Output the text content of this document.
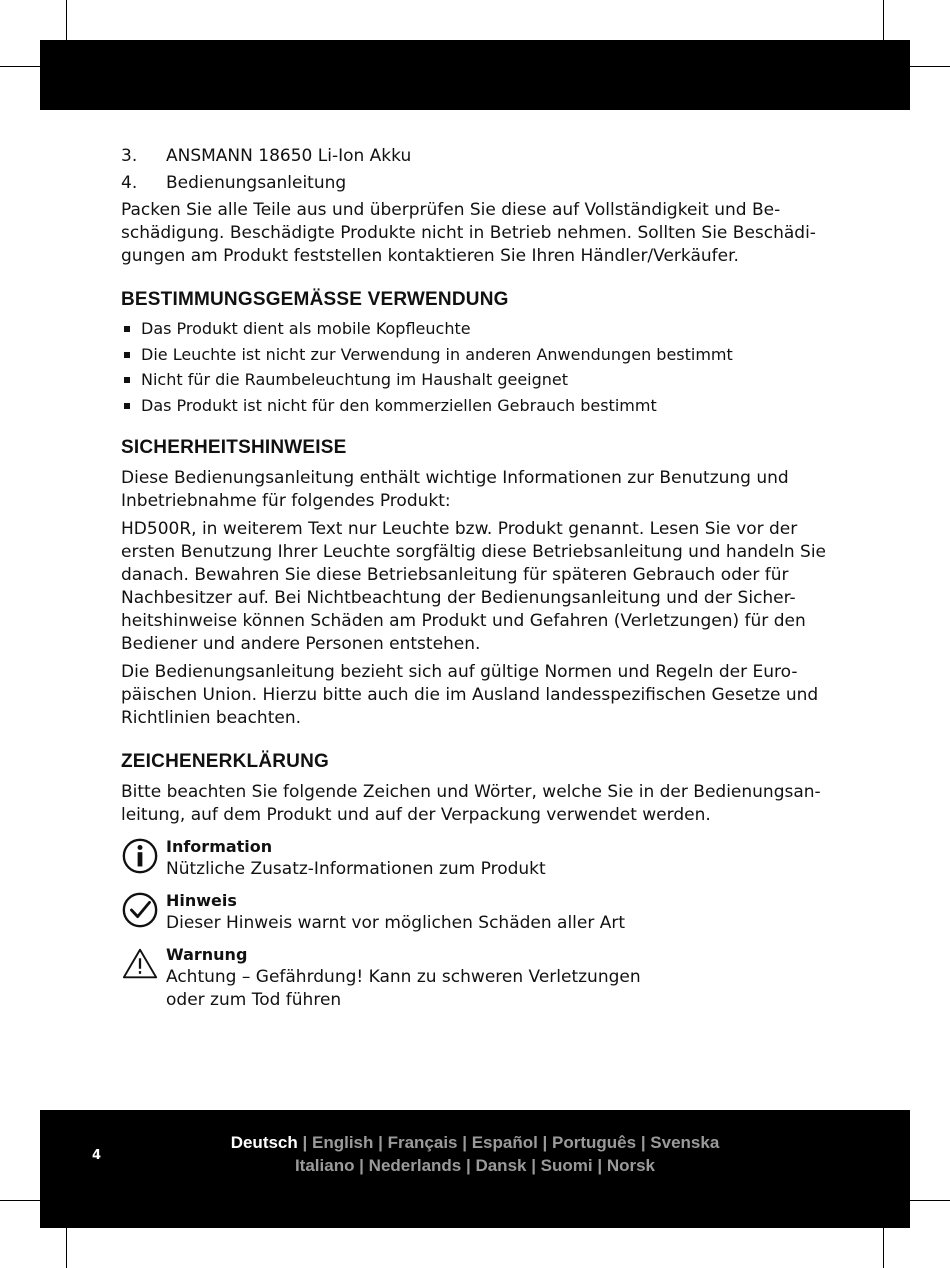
3.	ANSMANN 18650 Li-Ion Akku
4.	Bedienungsanleitung

Packen Sie alle Teile aus und überprüfen Sie diese auf Vollständigkeit und Be- schädigung. Beschädigte Produkte nicht in Betrieb nehmen. Sollten Sie Beschädi- gungen am Produkt feststellen kontaktieren Sie Ihren Händler/Verkäufer.

BESTIMMUNGSGEMÄSSE VERWENDUNG
Das Produkt dient als mobile Kopfleuchte
Die Leuchte ist nicht zur Verwendung in anderen Anwendungen bestimmt
Nicht für die Raumbeleuchtung im Haushalt geeignet
Das Produkt ist nicht für den kommerziellen Gebrauch bestimmt
SICHERHEITSHINWEISE

Diese Bedienungsanleitung enthält wichtige Informationen zur Benutzung und Inbetriebnahme für folgendes Produkt:

HD500R, in weiterem Text nur Leuchte bzw. Produkt genannt. Lesen Sie vor der ersten Benutzung Ihrer Leuchte sorgfältig diese Betriebsanleitung und handeln Sie danach. Bewahren Sie diese Betriebsanleitung für späteren Gebrauch oder für Nachbesitzer auf. Bei Nichtbeachtung der Bedienungsanleitung und der Sicher- heitshinweise können Schäden am Produkt und Gefahren (Verletzungen) für den Bediener und andere Personen entstehen.

Die Bedienungsanleitung bezieht sich auf gültige Normen und Regeln der Euro- päischen Union. Hierzu bitte auch die im Ausland landesspezifischen Gesetze und Richtlinien beachten.

ZEICHENERKLÄRUNG

Bitte beachten Sie folgende Zeichen und Wörter, welche Sie in der Bedienungsan- leitung, auf dem Produkt und auf der Verpackung verwendet werden.

Information
Nützliche Zusatz-Informationen zum Produkt
Hinweis
Dieser Hinweis warnt vor möglichen Schäden aller Art
Warnung
Achtung – Gefährdung! Kann zu schweren Verletzungen oder zum Tod führen
4
Deutsch | English | Français | Español | Português | Svenska
Italiano | Nederlands | Dansk | Suomi | Norsk
